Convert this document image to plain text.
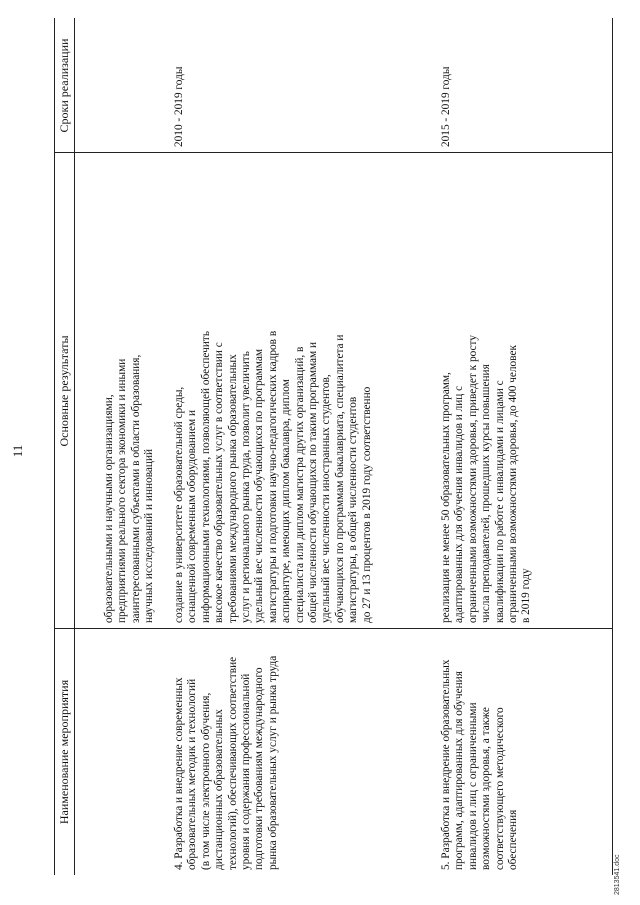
11
Наименование мероприятия
Основные результаты
Сроки реализации
образовательными и научными организациями, предприятиями реального сектора экономики и иными заинтересованными субъектами в области образования, научных исследований и инноваций
4. Разработка и внедрение современных образовательных методик и технологий (в том числе электронного обучения, дистанционных образовательных технологий), обеспечивающих соответствие уровня и содержания профессиональной подготовки требованиям международного рынка образовательных услуг и рынка труда
создание в университете образовательной среды, оснащенной современным оборудованием и информационными технологиями, позволяющей обеспечить высокое качество образовательных услуг в соответствии с требованиями международного рынка образовательных услуг и регионального рынка труда, позволит увеличить удельный вес численности обучающихся по программам магистратуры и подготовки научно-педагогических кадров в аспирантуре, имеющих диплом бакалавра, диплом специалиста или диплом магистра других организаций, в общей численности обучающихся по таким программам и удельный вес численности иностранных студентов, обучающихся по программам бакалавриата, специалитета и магистратуры, в общей численности студентов до 27 и 13 процентов в 2019 году соответственно
2010 - 2019 годы
5. Разработка и внедрение образовательных программ, адаптированных для обучения инвалидов и лиц с ограниченными возможностями здоровья, а также соответствующего методического обеспечения
реализация не менее 50 образовательных программ, адаптированных для обучения инвалидов и лиц с ограниченными возможностями здоровья, приведет к росту числа преподавателей, прошедших курсы повышения квалификации по работе с инвалидами и лицами с ограниченными возможностями здоровья, до 400 человек в 2019 году
2015 - 2019 годы
2813541.doc
